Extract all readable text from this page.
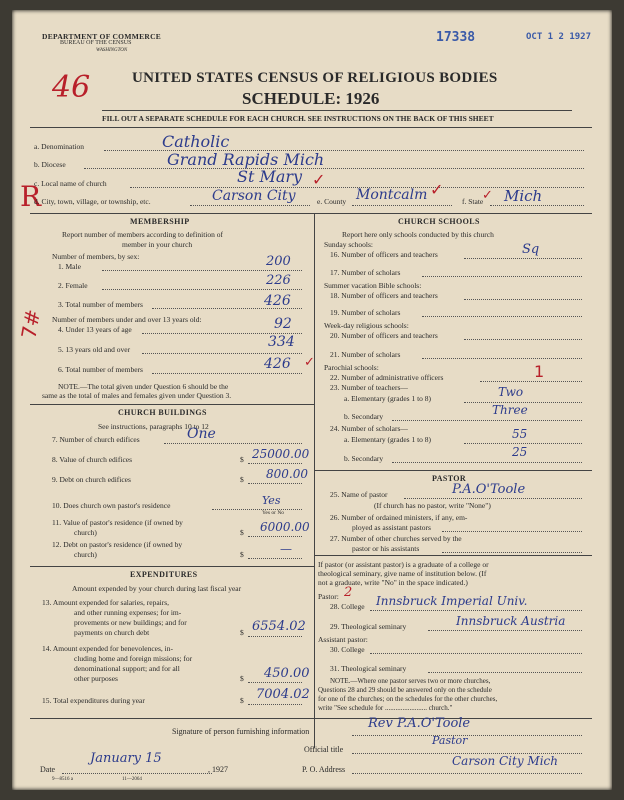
DEPARTMENT OF COMMERCE
BUREAU OF THE CENSUS
WASHINGTON
17338	OCT 1 2 1927
46	UNITED STATES CENSUS OF RELIGIOUS BODIES
SCHEDULE: 1926
FILL OUT A SEPARATE SCHEDULE FOR EACH CHURCH. SEE INSTRUCTIONS ON THE BACK OF THIS SHEET
R
a. Denomination	Catholic
b. Diocese	Grand Rapids Mich
c. Local name of church	St Mary ✓
d. City, town, village, or township, etc.	Carson City	e. County Montcalm ✓
f. State Mich
✓
MEMBERSHIP
Report number of members according to definition of
member in your church
Number of members, by sex:
1. Male	200
2. Female	226
3. Total number of members	426
Number of members under and over 13 years old:
4. Under 13 years of age	92
5. 13 years old and over	334
6. Total number of members	426 ✓
NOTE.—The total given under Question 6 should be the
same as the total of males and females given under Question 3.
7#
CHURCH BUILDINGS
See instructions, paragraphs 10 to 12
7. Number of church edifices	One
8. Value of church edifices	$ 25000.00
9. Debt on church edifices	$ 800.00
10. Does church own pastor's residence	Yes
Yes or No
11. Value of pastor's residence (if owned by
church)	$ 6000.00
12. Debt on pastor's residence (if owned by
church)	$	—
EXPENDITURES
Amount expended by your church during last fiscal year
13. Amount expended for salaries, repairs,
and other running expenses; for im-
provements or new buildings; and for
payments on church debt	$ 6554.02
14. Amount expended for benevolences, in-
cluding home and foreign missions; for
denominational support; and for all
other purposes	$ 450.00
15. Total expenditures during year	$ 7004.02
CHURCH SCHOOLS
Report here only schools conducted by this church
Sunday schools:
16. Number of officers and teachers	Sq
17. Number of scholars
Summer vacation Bible schools:
18. Number of officers and teachers
19. Number of scholars
Week-day religious schools:
20. Number of officers and teachers
21. Number of scholars
Parochial schools:
22. Number of administrative officers	1
23. Number of teachers—
a. Elementary (grades 1 to 8)	Two
b. Secondary	Three
24. Number of scholars—
a. Elementary (grades 1 to 8)	55
b. Secondary	25
PASTOR
25. Name of pastor	P.A.O'Toole
(If church has no pastor, write "None")
26. Number of ordained ministers, if any, em-
ployed as assistant pastors
27. Number of other churches served by the
pastor or his assistants
If pastor (or assistant pastor) is a graduate of a college or
theological seminary, give name of institution below. (If
not a graduate, write "No" in the space indicated.)
Pastor: 2
28. College Innsbruck Imperial Univ.
29. Theological seminary	Innsbruck Austria
Assistant pastor:
30. College
31. Theological seminary
NOTE.—Where one pastor serves two or more churches,
Questions 28 and 29 should be answered only on the schedule
for one of the churches; on the schedules for the other churches,
write "See schedule for ........................ church."
Signature of person furnishing information
Rev P.A.O'Toole
Official title
Pastor
Date
January 15
, 1927	P. O. Address
Carson City Mich
9—8516 a	11—2064
